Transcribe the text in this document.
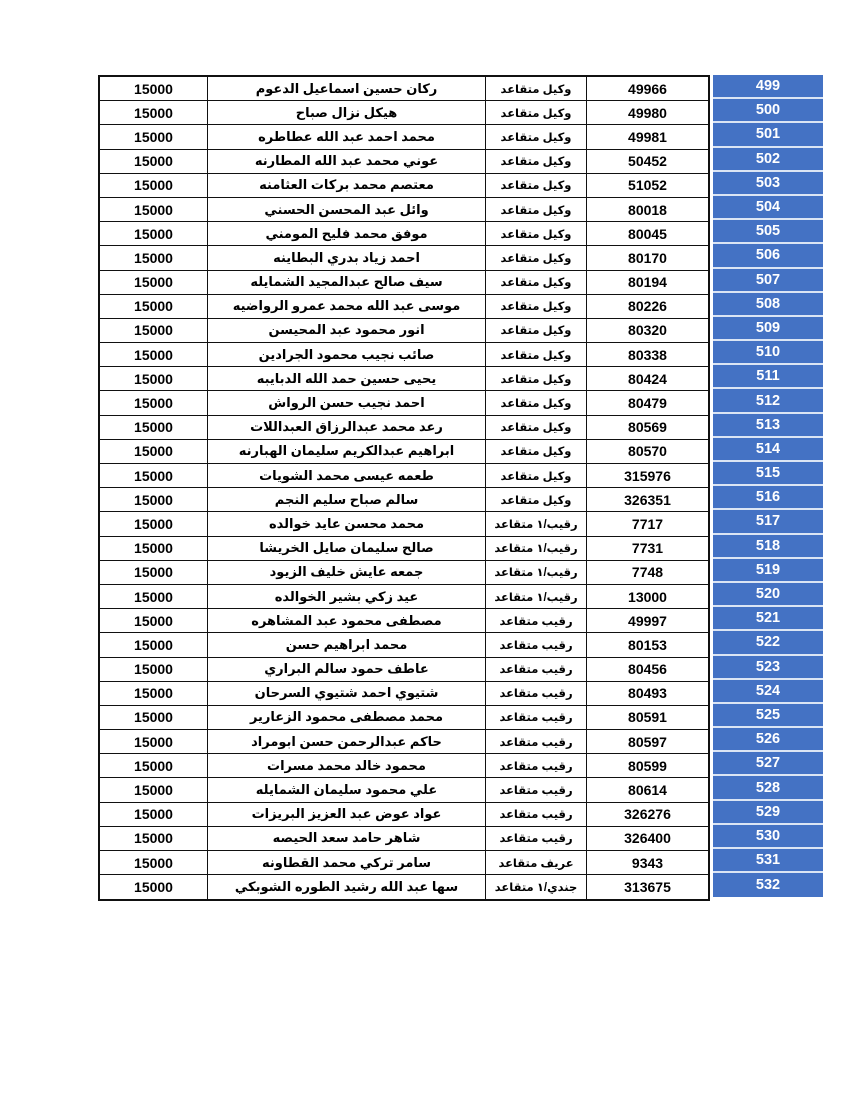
15000	ركان حسين اسماعيل الدعوم	وكيل متقاعد	49966
15000	هيكل نزال صباح	وكيل متقاعد	49980
15000	محمد احمد عبد الله عطاطره	وكيل متقاعد	49981
15000	عوني محمد عبد الله المطارنه	وكيل متقاعد	50452
15000	معتصم محمد بركات العثامنه	وكيل متقاعد	51052
15000	وائل عبد المحسن الحسني	وكيل متقاعد	80018
15000	موفق محمد فليح المومني	وكيل متقاعد	80045
15000	احمد زياد بدري البطاينه	وكيل متقاعد	80170
15000	سيف صالح عبدالمجيد الشمايله	وكيل متقاعد	80194
15000	موسى عبد الله محمد عمرو الرواضيه	وكيل متقاعد	80226
15000	انور محمود عبد المحيسن	وكيل متقاعد	80320
15000	صائب نجيب محمود الجرادين	وكيل متقاعد	80338
15000	يحيى حسين حمد الله الدبايبه	وكيل متقاعد	80424
15000	احمد نجيب حسن الرواش	وكيل متقاعد	80479
15000	رعد محمد عبدالرزاق العبداللات	وكيل متقاعد	80569
15000	ابراهيم عبدالكريم سليمان الهبارنه	وكيل متقاعد	80570
15000	طعمه عيسى محمد الشويات	وكيل متقاعد	315976
15000	سالم صباح سليم النجم	وكيل متقاعد	326351
15000	محمد محسن عايد خوالده	رقيب/١ متقاعد	7717
15000	صالح سليمان صايل الخريشا	رقيب/١ متقاعد	7731
15000	جمعه عايش خليف الزيود	رقيب/١ متقاعد	7748
15000	عيد زكي بشير الخوالده	رقيب/١ متقاعد	13000
15000	مصطفى محمود عبد المشاهره	رقيب متقاعد	49997
15000	محمد ابراهيم حسن	رقيب متقاعد	80153
15000	عاطف حمود سالم البراري	رقيب متقاعد	80456
15000	شتيوي احمد شتيوي السرحان	رقيب متقاعد	80493
15000	محمد مصطفى محمود الزعارير	رقيب متقاعد	80591
15000	حاكم عبدالرحمن حسن ابومراد	رقيب متقاعد	80597
15000	محمود خالد محمد مسرات	رقيب متقاعد	80599
15000	علي محمود سليمان الشمايله	رقيب متقاعد	80614
15000	عواد عوض عبد العزيز البريزات	رقيب متقاعد	326276
15000	شاهر حامد سعد الحيصه	رقيب متقاعد	326400
15000	سامر تركي محمد القطاونه	عريف متقاعد	9343
15000	سها عبد الله رشيد الطوره الشوبكي	جندي/١ متقاعد	313675
499
500
501
502
503
504
505
506
507
508
509
510
511
512
513
514
515
516
517
518
519
520
521
522
523
524
525
526
527
528
529
530
531
532
